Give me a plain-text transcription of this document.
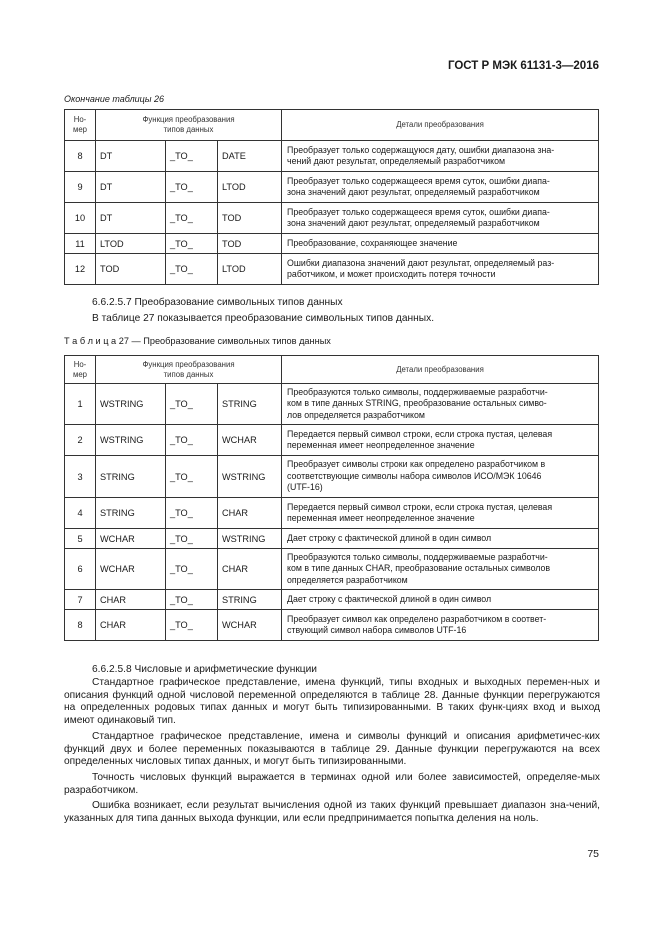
ГОСТ Р МЭК 61131-3—2016
Окончание таблицы 26
Но-
мер	Функция преобразования
типов данных			Детали преобразования
8	DT	_TO_	DATE	Преобразует только содержащуюся дату, ошибки диапазона зна-
чений дают результат, определяемый разработчиком
9	DT	_TO_	LTOD	Преобразует только содержащееся время суток, ошибки диапа-
зона значений дают результат, определяемый разработчиком
10	DT	_TO_	TOD	Преобразует только содержащееся время суток, ошибки диапа-
зона значений дают результат, определяемый разработчиком
11	LTOD	_TO_	TOD	Преобразование, сохраняющее значение
12	TOD	_TO_	LTOD	Ошибки диапазона значений дают результат, определяемый раз-
работчиком, и может происходить потеря точности
6.6.2.5.7 Преобразование символьных типов данных
В таблице 27 показывается преобразование символьных типов данных.
Т а б л и ц а 27 — Преобразование символьных типов данных
Но-
мер	Функция преобразования
типов данных			Детали преобразования
1	WSTRING	_TO_	STRING	Преобразуются только символы, поддерживаемые разработчи-
ком в типе данных STRING, преобразование остальных симво-
лов определяется разработчиком
2	WSTRING	_TO_	WCHAR	Передается первый символ строки, если строка пустая, целевая
переменная имеет неопределенное значение
3	STRING	_TO_	WSTRING	Преобразует символы строки как определено разработчиком в
соответствующие символы набора символов ИСО/МЭК 10646
(UTF-16)
4	STRING	_TO_	CHAR	Передается первый символ строки, если строка пустая, целевая
переменная имеет неопределенное значение
5	WCHAR	_TO_	WSTRING	Дает строку с фактической длиной в один символ
6	WCHAR	_TO_	CHAR	Преобразуются только символы, поддерживаемые разработчи-
ком в типе данных CHAR, преобразование остальных символов
определяется разработчиком
7	CHAR	_TO_	STRING	Дает строку с фактической длиной в один символ
8	CHAR	_TO_	WCHAR	Преобразует символ как определено разработчиком в соответ-
ствующий символ набора символов UTF-16
6.6.2.5.8 Числовые и арифметические функции
Стандартное графическое представление, имена функций, типы входных и выходных перемен-ных и описания функций одной числовой переменной определяются в таблице 28. Данные функции перегружаются на определенных родовых типах данных и могут быть типизированными. В таких функ-циях вход и выход имеют одинаковый тип.
Стандартное графическое представление, имена и символы функций и описания арифметичес-ких функций двух и более переменных показываются в таблице 29. Данные функции перегружаются на всех определенных числовых типах данных, и могут быть типизированными.
Точность числовых функций выражается в терминах одной или более зависимостей, определяе-мых разработчиком.
Ошибка возникает, если результат вычисления одной из таких функций превышает диапазон зна-чений, указанных для типа данных выхода функции, или если предпринимается попытка деления на ноль.
75
